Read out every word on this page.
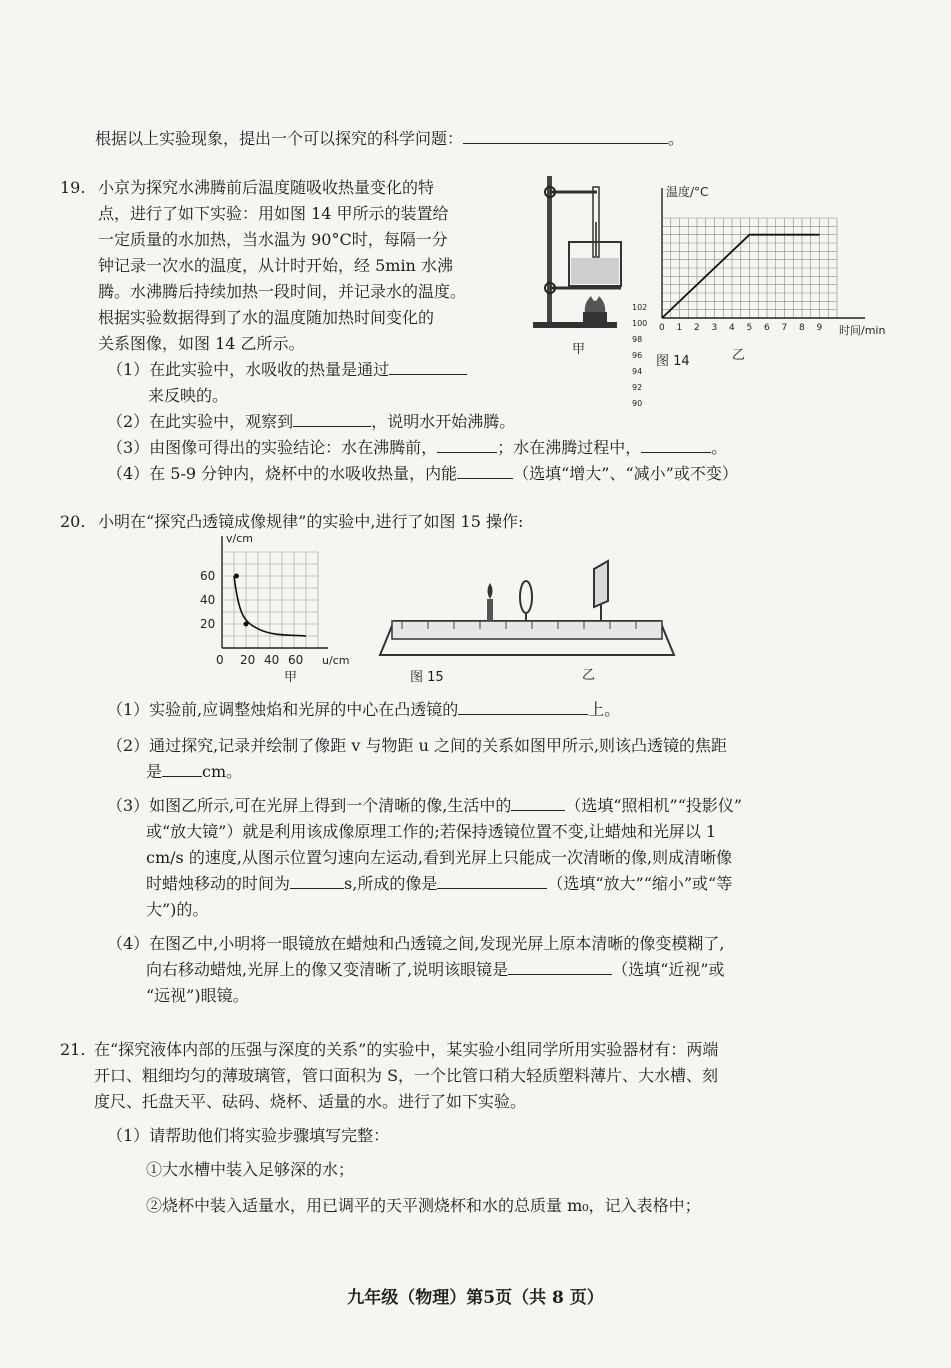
根据以上实验现象，提出一个可以探究的科学问题：	。
19. 小京为探究水沸腾前后温度随吸收热量变化的特
点，进行了如下实验：用如图 14 甲所示的装置给
一定质量的水加热，当水温为 90°C时，每隔一分
钟记录一次水的温度，从计时开始，经 5min 水沸
腾。水沸腾后持续加热一段时间，并记录水的温度。
根据实验数据得到了水的温度随加热时间变化的
关系图像，如图 14 乙所示。
（1）在此实验中，水吸收的热量是通过
来反映的。
（2）在此实验中，观察到	，说明水开始沸腾。
（3）由图像可得出的实验结论：水在沸腾前，	；水在沸腾过程中，	。
（4）在 5-9 分钟内，烧杯中的水吸收热量，内能	（选填“增大”、“减小”或不变）
甲
温度/°C
时间/min
102
100
98
96
94
92
90
0 1 2 3 4 5 6 7 8 9
图 14	乙
20. 小明在“探究凸透镜成像规律”的实验中,进行了如图 15 操作:
v/cm
u/cm
60
40
20
0 20 40 60
甲	图 15	乙
（1）实验前,应调整烛焰和光屏的中心在凸透镜的	上。
（2）通过探究,记录并绘制了像距 v 与物距 u 之间的关系如图甲所示,则该凸透镜的焦距
是	cm。
（3）如图乙所示,可在光屏上得到一个清晰的像,生活中的	（选填“照相机”“投影仪”
或“放大镜”）就是利用该成像原理工作的;若保持透镜位置不变,让蜡烛和光屏以 1
cm/s 的速度,从图示位置匀速向左运动,看到光屏上只能成一次清晰的像,则成清晰像
时蜡烛移动的时间为	s,所成的像是	（选填“放大”“缩小”或“等
大”)的。
（4）在图乙中,小明将一眼镜放在蜡烛和凸透镜之间,发现光屏上原本清晰的像变模糊了,
向右移动蜡烛,光屏上的像又变清晰了,说明该眼镜是	（选填“近视”或
“远视”)眼镜。
21. 在“探究液体内部的压强与深度的关系”的实验中，某实验小组同学所用实验器材有：两端
开口、粗细均匀的薄玻璃管，管口面积为 S，一个比管口稍大轻质塑料薄片、大水槽、刻
度尺、托盘天平、砝码、烧杯、适量的水。进行了如下实验。
（1）请帮助他们将实验步骤填写完整：
①大水槽中装入足够深的水；
②烧杯中装入适量水，用已调平的天平测烧杯和水的总质量 m₀，记入表格中；
九年级（物理）第5页（共 8 页）
